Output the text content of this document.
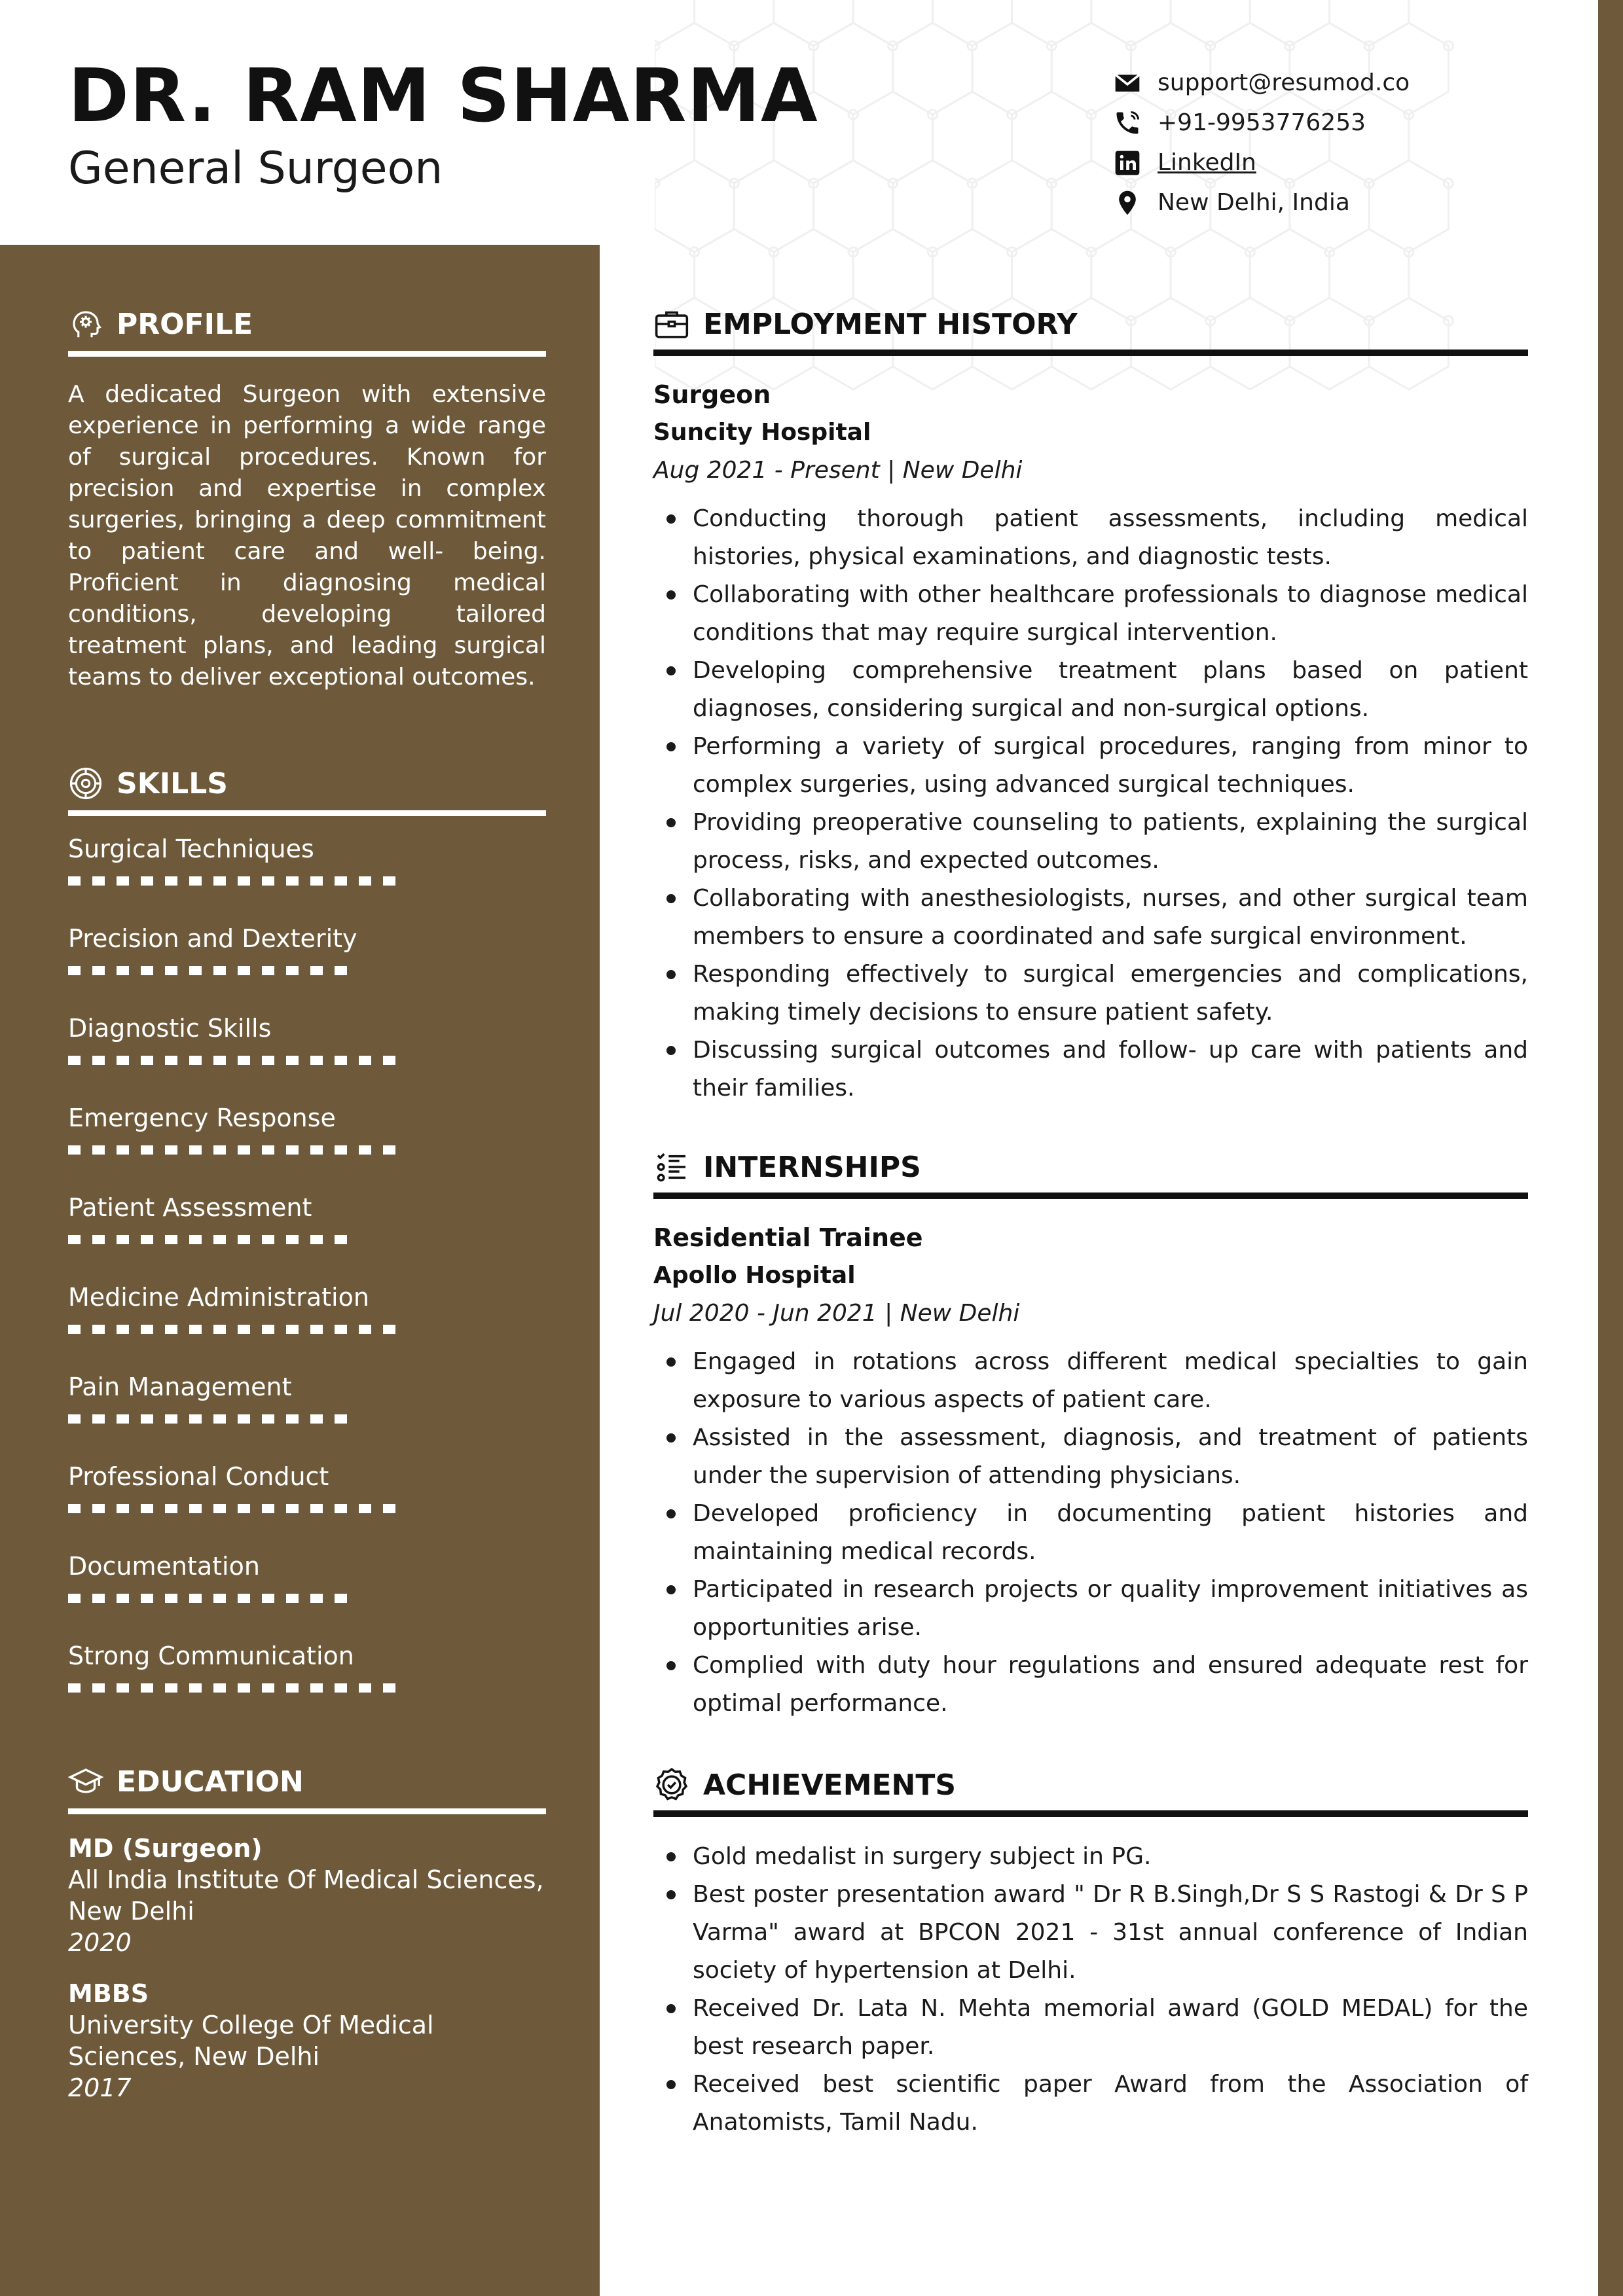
DR. RAM SHARMA
General Surgeon
support@resumod.co
+91-9953776253
LinkedIn
New Delhi, India
PROFILE
A dedicated Surgeon with extensive experience in performing a wide range of surgical procedures. Known for precision and expertise in complex surgeries, bringing a deep commitment to patient care and well- being. Proficient in diagnosing medical conditions, developing tailored treatment plans, and leading surgical teams to deliver exceptional outcomes.
SKILLS
Surgical Techniques
Precision and Dexterity
Diagnostic Skills
Emergency Response
Patient Assessment
Medicine Administration
Pain Management
Professional Conduct
Documentation
Strong Communication
EDUCATION
MD (Surgeon)
All India Institute Of Medical Sciences, New Delhi
2020
MBBS
University College Of Medical Sciences, New Delhi
2017
EMPLOYMENT HISTORY
Surgeon
Suncity Hospital
Aug 2021 - Present | New Delhi
Conducting thorough patient assessments, including medical histories, physical examinations, and diagnostic tests.
Collaborating with other healthcare professionals to diagnose medical conditions that may require surgical intervention.
Developing comprehensive treatment plans based on patient diagnoses, considering surgical and non-surgical options.
Performing a variety of surgical procedures, ranging from minor to complex surgeries, using advanced surgical techniques.
Providing preoperative counseling to patients, explaining the surgical process, risks, and expected outcomes.
Collaborating with anesthesiologists, nurses, and other surgical team members to ensure a coordinated and safe surgical environment.
Responding effectively to surgical emergencies and complications, making timely decisions to ensure patient safety.
Discussing surgical outcomes and follow- up care with patients and their families.
INTERNSHIPS
Residential Trainee
Apollo Hospital
Jul 2020 - Jun 2021 | New Delhi
Engaged in rotations across different medical specialties to gain exposure to various aspects of patient care.
Assisted in the assessment, diagnosis, and treatment of patients under the supervision of attending physicians.
Developed proficiency in documenting patient histories and maintaining medical records.
Participated in research projects or quality improvement initiatives as opportunities arise.
Complied with duty hour regulations and ensured adequate rest for optimal performance.
ACHIEVEMENTS
Gold medalist in surgery subject in PG.
Best poster presentation award " Dr R B.Singh,Dr S S Rastogi & Dr S P Varma" award at BPCON 2021 - 31st annual conference of Indian society of hypertension at Delhi.
Received Dr. Lata N. Mehta memorial award (GOLD MEDAL) for the best research paper.
Received best scientific paper Award from the Association of Anatomists, Tamil Nadu.
